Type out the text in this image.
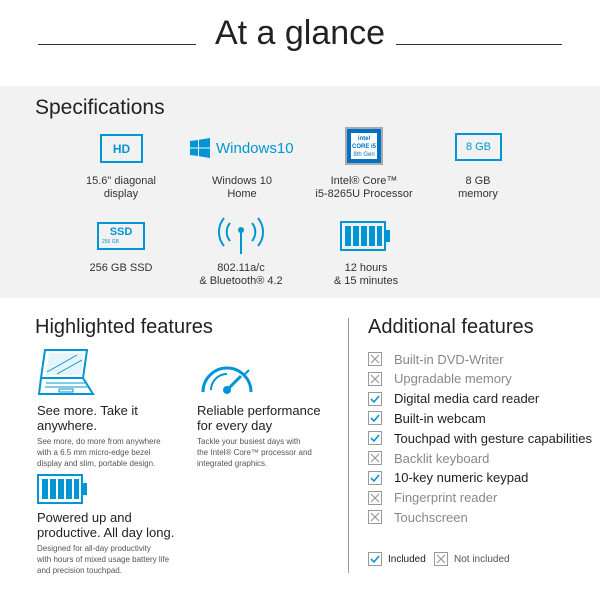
At a glance
Specifications
HD
15.6" diagonal
display
Windows10
Windows 10
Home
intel
CORE i5
8th Gen
Intel® Core™
i5-8265U Processor
8 GB
8 GB
memory
SSD
256 GB
256 GB SSD	802.11a/c
& Bluetooth® 4.2
12 hours
& 15 minutes
Highlighted features
See more. Take it
anywhere.
See more, do more from anywhere
with a 6.5 mm micro-edge bezel
display and slim, portable design.
Reliable performance
for every day
Tackle your busiest days with
the Intel® Core™ processor and
integrated graphics.
Powered up and
productive. All day long.
Designed for all-day productivity
with hours of mixed usage battery life
and precision touchpad.
Additional features
Built-in DVD-Writer
Upgradable memory
Digital media card reader
Built-in webcam
Touchpad with gesture capabilities
Backlit keyboard
10-key numeric keypad
Fingerprint reader
Touchscreen
Included	Not included
